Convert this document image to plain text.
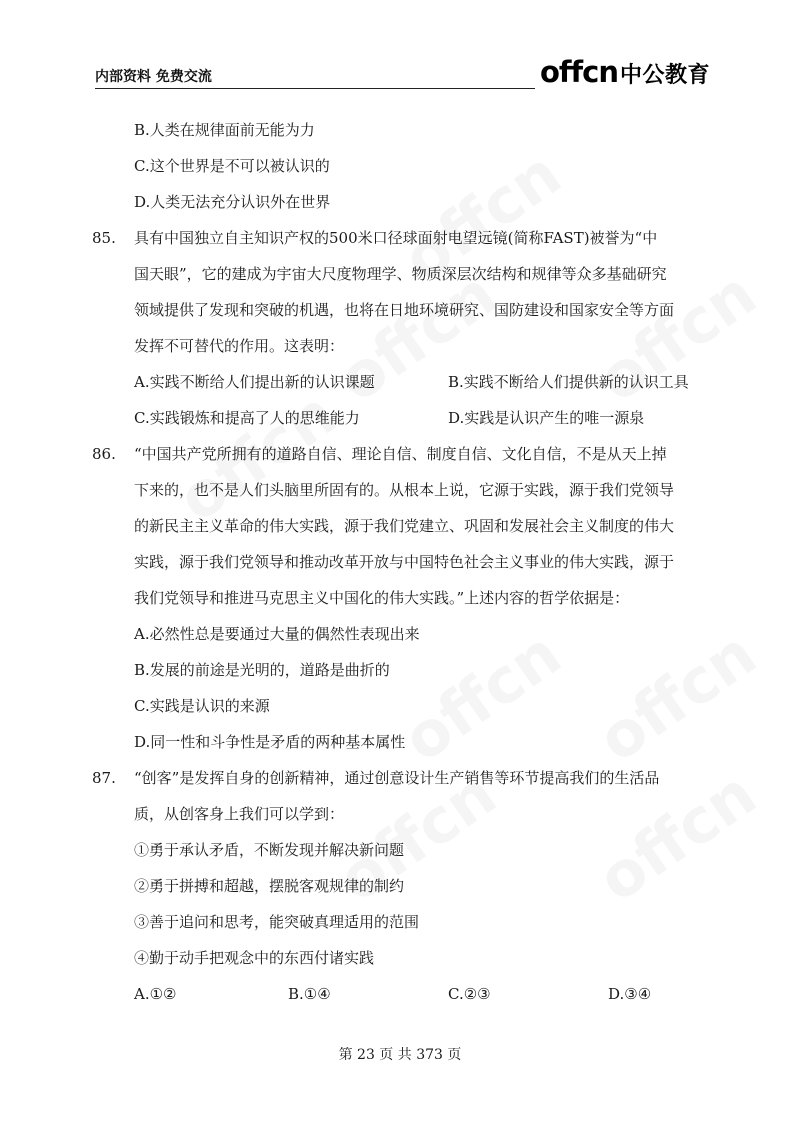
内部资料 免费交流	offcn中公教育
B.人类在规律面前无能为力
C.这个世界是不可以被认识的
D.人类无法充分认识外在世界
85. 具有中国独立自主知识产权的500米口径球面射电望远镜(简称FAST)被誉为“中
国天眼”，它的建成为宇宙大尺度物理学、物质深层次结构和规律等众多基础研究
领域提供了发现和突破的机遇，也将在日地环境研究、国防建设和国家安全等方面
发挥不可替代的作用。这表明：
A.实践不断给人们提出新的认识课题	B.实践不断给人们提供新的认识工具
C.实践锻炼和提高了人的思维能力	D.实践是认识产生的唯一源泉
86. “中国共产党所拥有的道路自信、理论自信、制度自信、文化自信，不是从天上掉
下来的，也不是人们头脑里所固有的。从根本上说，它源于实践，源于我们党领导
的新民主主义革命的伟大实践，源于我们党建立、巩固和发展社会主义制度的伟大
实践，源于我们党领导和推动改革开放与中国特色社会主义事业的伟大实践，源于
我们党领导和推进马克思主义中国化的伟大实践。”上述内容的哲学依据是：
A.必然性总是要通过大量的偶然性表现出来
B.发展的前途是光明的，道路是曲折的
C.实践是认识的来源
D.同一性和斗争性是矛盾的两种基本属性
87. “创客”是发挥自身的创新精神，通过创意设计生产销售等环节提高我们的生活品
质，从创客身上我们可以学到：
①勇于承认矛盾，不断发现并解决新问题
②勇于拼搏和超越，摆脱客观规律的制约
③善于追问和思考，能突破真理适用的范围
④勤于动手把观念中的东西付诸实践
A.①②	B.①④	C.②③	D.③④
第 23 页 共 373 页
